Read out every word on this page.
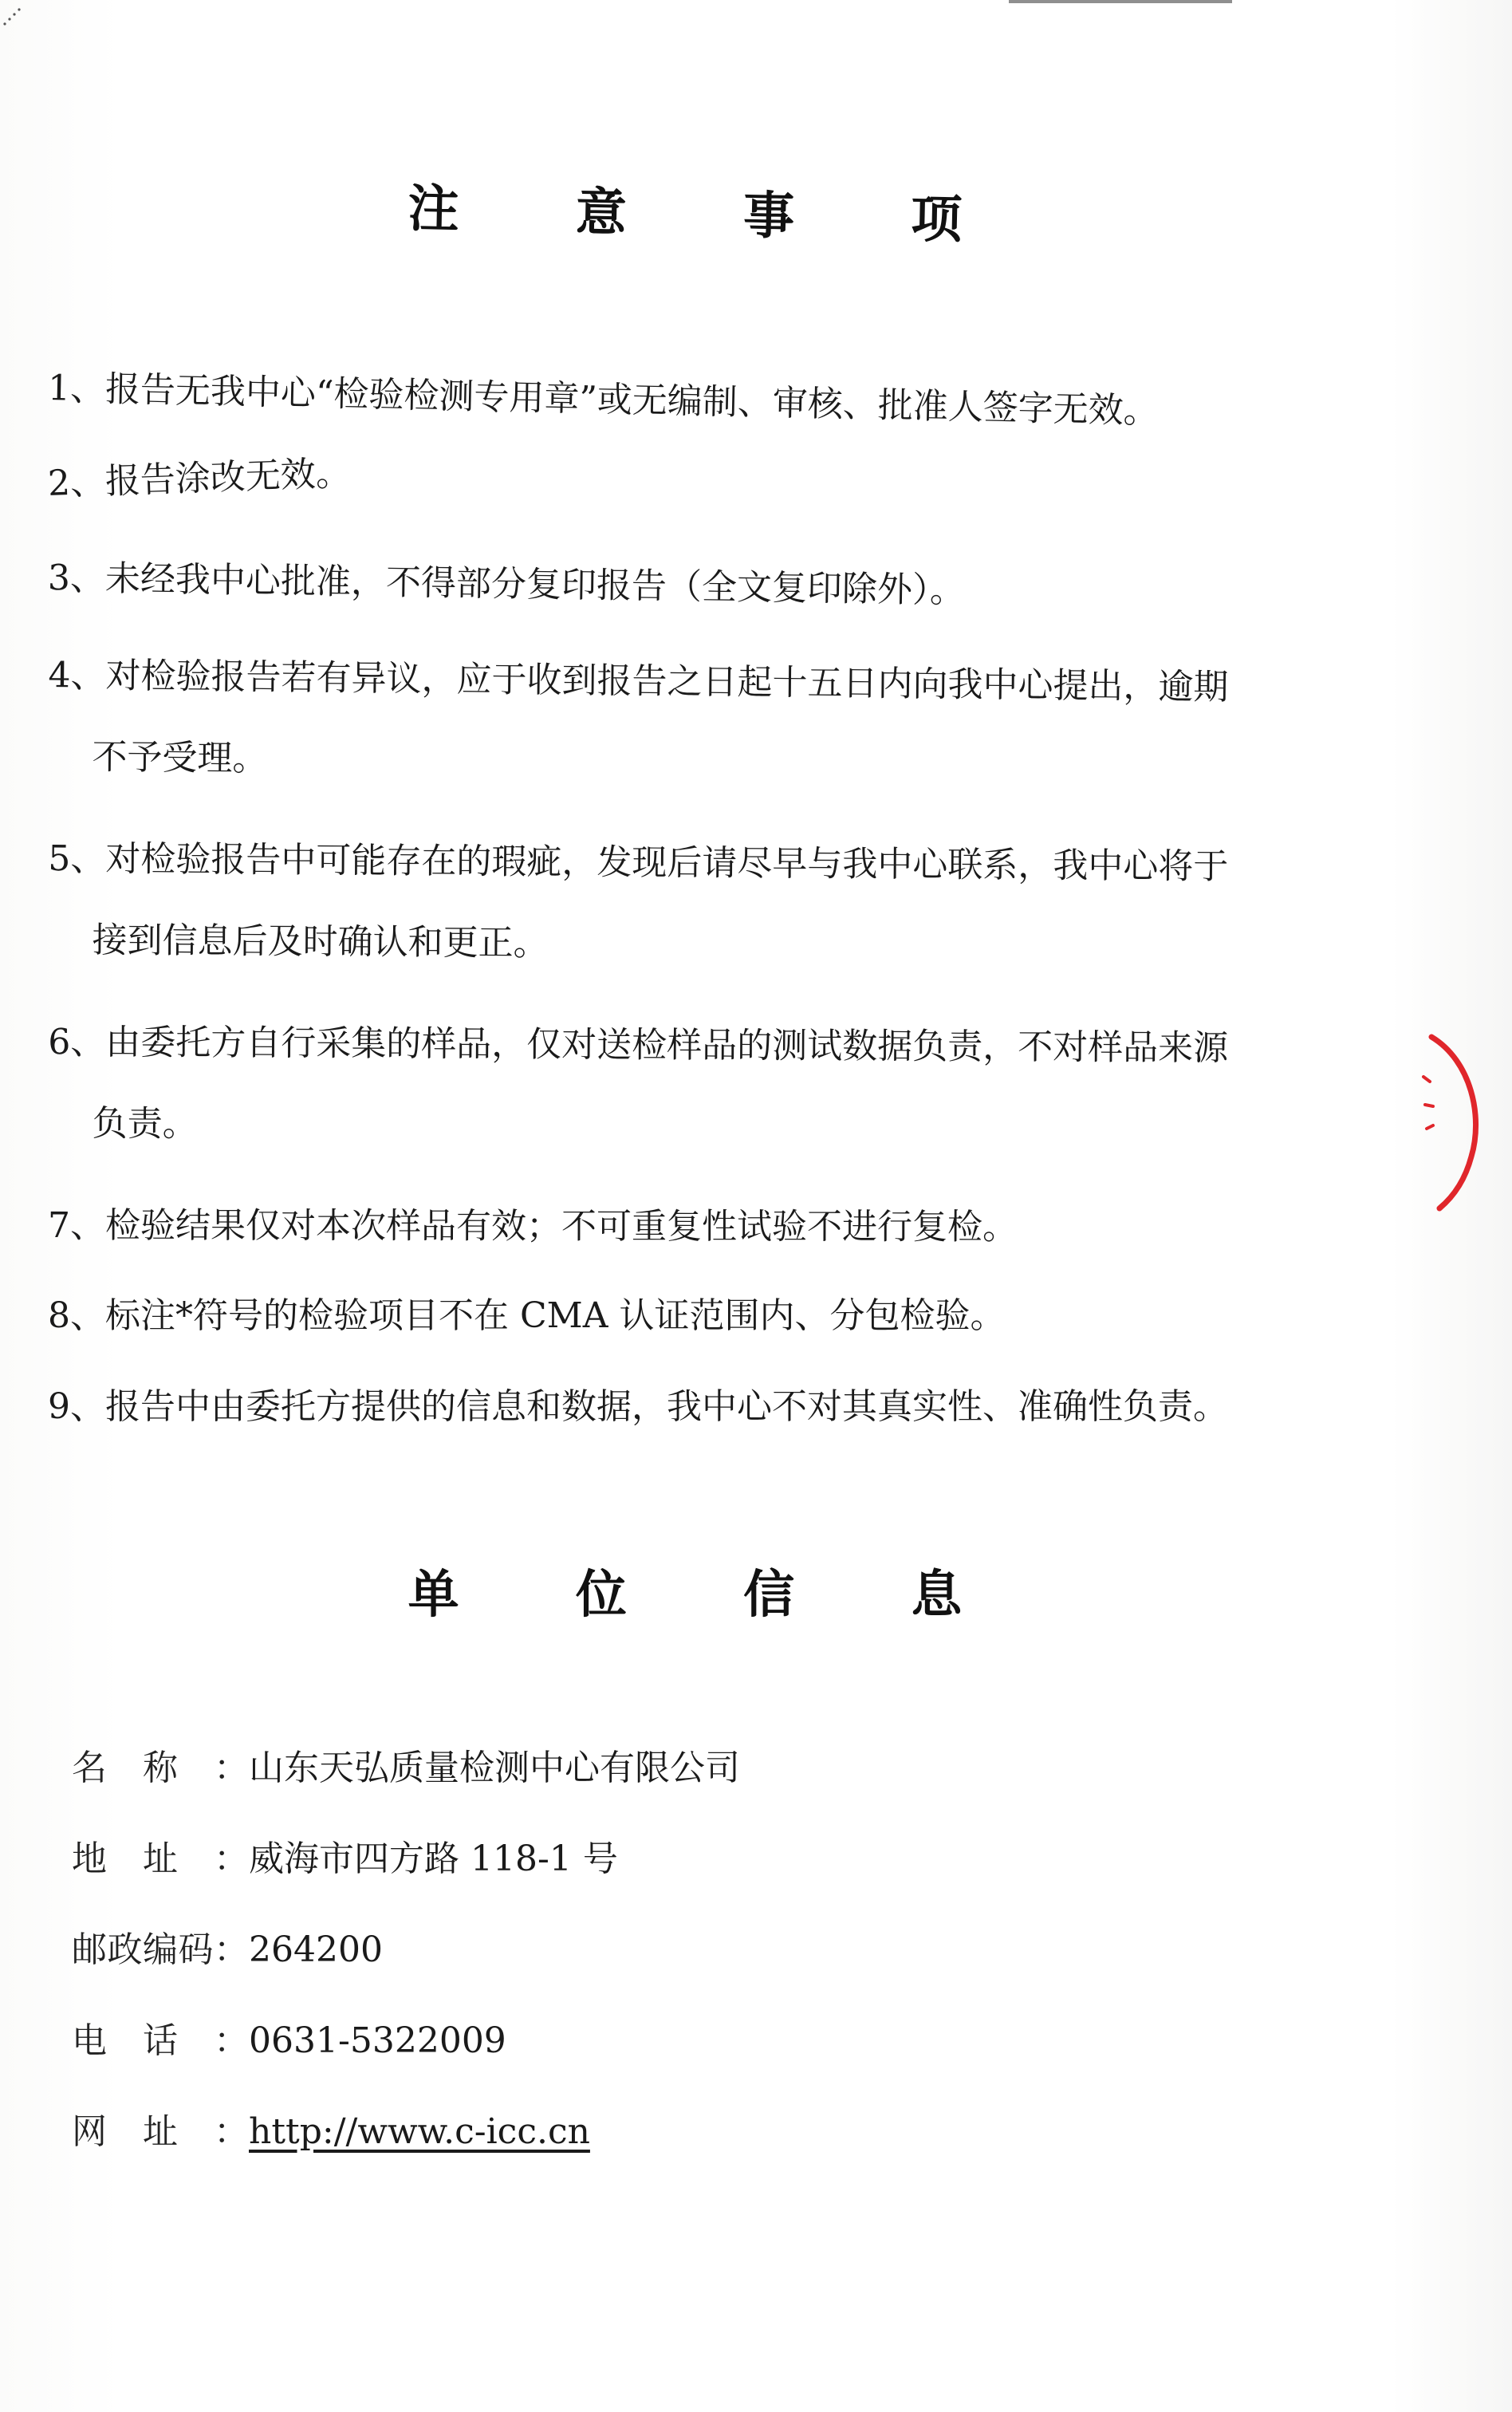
注 意 事 项
1、报告无我中心“检验检测专用章”或无编制、审核、批准人签字无效。
2、报告涂改无效。
3、未经我中心批准，不得部分复印报告（全文复印除外）。
4、对检验报告若有异议，应于收到报告之日起十五日内向我中心提出，逾期
不予受理。
5、对检验报告中可能存在的瑕疵，发现后请尽早与我中心联系，我中心将于
接到信息后及时确认和更正。
6、由委托方自行采集的样品，仅对送检样品的测试数据负责，不对样品来源
负责。
7、检验结果仅对本次样品有效；不可重复性试验不进行复检。
8、标注*符号的检验项目不在 CMA 认证范围内、分包检验。
9、报告中由委托方提供的信息和数据，我中心不对其真实性、准确性负责。
单 位 信 息
名称：山东天弘质量检测中心有限公司
地址：威海市四方路 118-1 号
邮政编码：264200
电话：0631-5322009
网址：http://www.c-icc.cn
